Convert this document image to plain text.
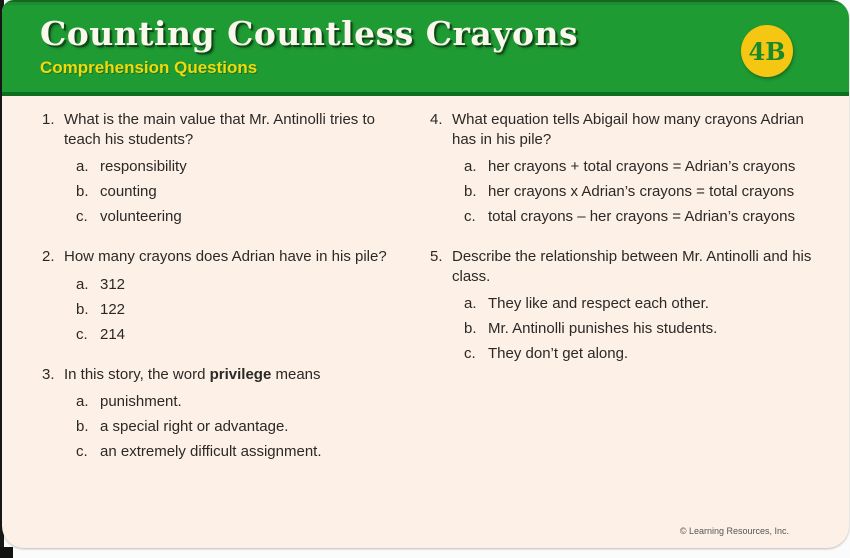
Counting Countless Crayons
Comprehension Questions
4B
1. What is the main value that Mr. Antinolli tries to teach his students?
a. responsibility
b. counting
c. volunteering
2. How many crayons does Adrian have in his pile?
a. 312
b. 122
c. 214
3. In this story, the word privilege means
a. punishment.
b. a special right or advantage.
c. an extremely difficult assignment.
4. What equation tells Abigail how many crayons Adrian has in his pile?
a. her crayons + total crayons = Adrian’s crayons
b. her crayons x Adrian’s crayons = total crayons
c. total crayons – her crayons = Adrian’s crayons
5. Describe the relationship between Mr. Antinolli and his class.
a. They like and respect each other.
b. Mr. Antinolli punishes his students.
c. They don’t get along.
© Learning Resources, Inc.
